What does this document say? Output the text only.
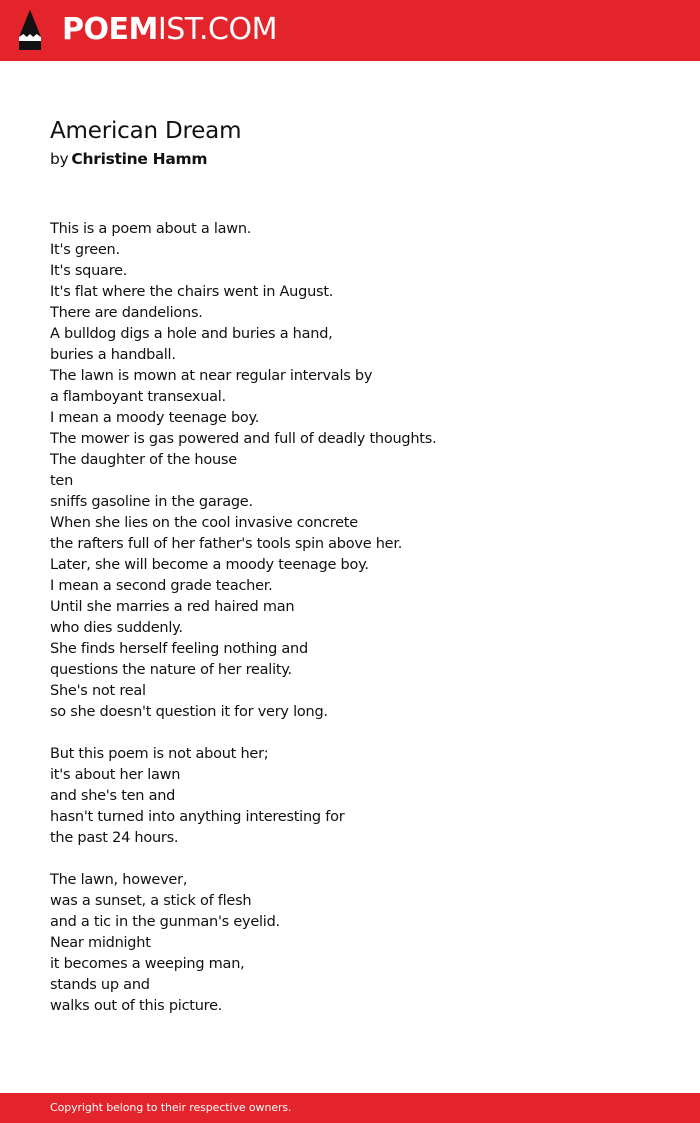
POEMIST.COM
American Dream
by Christine Hamm
This is a poem about a lawn.
It's green.
It's square.
It's flat where the chairs went in August.
There are dandelions.
A bulldog digs a hole and buries a hand,
buries a handball.
The lawn is mown at near regular intervals by
a flamboyant transexual.
I mean a moody teenage boy.
The mower is gas powered and full of deadly thoughts.
The daughter of the house
ten
sniffs gasoline in the garage.
When she lies on the cool invasive concrete
the rafters full of her father's tools spin above her.
Later, she will become a moody teenage boy.
I mean a second grade teacher.
Until she marries a red haired man
who dies suddenly.
She finds herself feeling nothing and
questions the nature of her reality.
She's not real
so she doesn't question it for very long.
But this poem is not about her;
it's about her lawn
and she's ten and
hasn't turned into anything interesting for
the past 24 hours.
The lawn, however,
was a sunset, a stick of flesh
and a tic in the gunman's eyelid.
Near midnight
it becomes a weeping man,
stands up and
walks out of this picture.
Copyright belong to their respective owners.
